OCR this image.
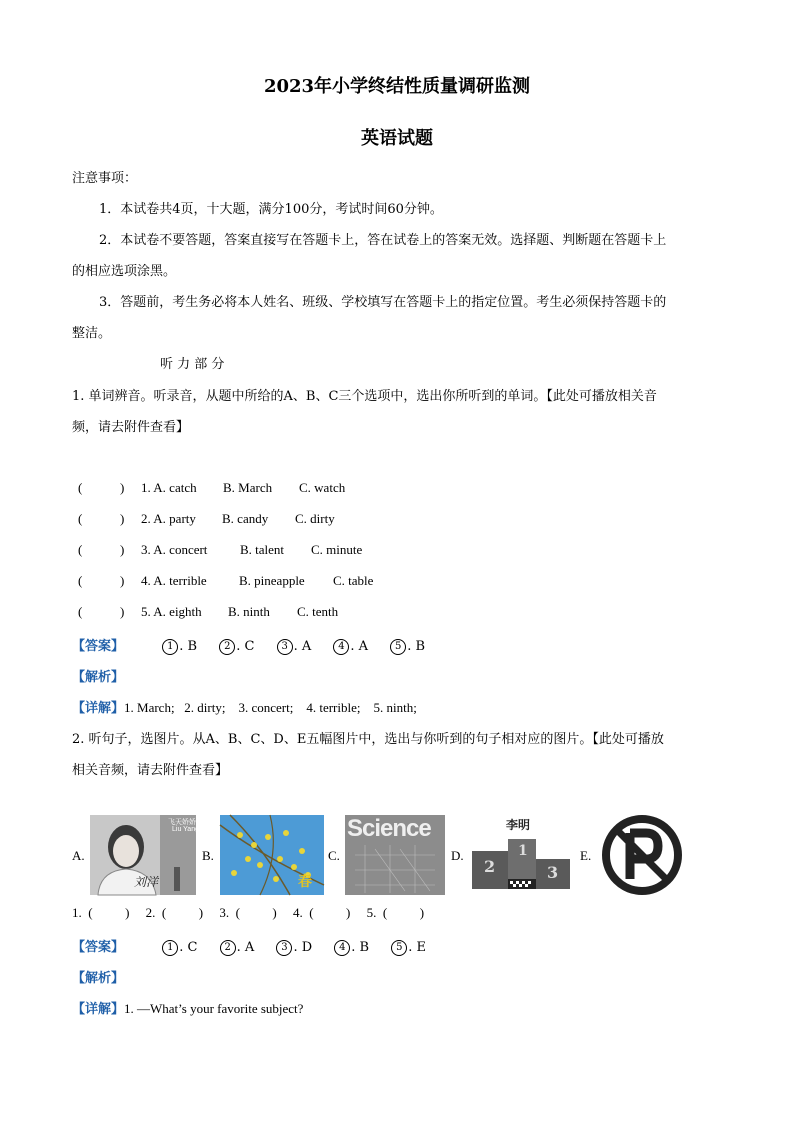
2023年小学终结性质量调研监测
英语试题
注意事项：
1．本试卷共4页，十大题，满分100分，考试时间60分钟。
2．本试卷不要答题，答案直接写在答题卡上，答在试卷上的答案无效。选择题、判断题在答题卡上
的相应选项涂黑。
3．答题前，考生务必将本人姓名、班级、学校填写在答题卡上的指定位置。考生必须保持答题卡的
整洁。
听 力 部 分
1. 单词辨音。听录音，从题中所给的A、B、C三个选项中，选出你所听到的单词。【此处可播放相关音
频，请去附件查看】
(	) 1. A. catch B. March C. watch
(	) 2. A. party B. candy C. dirty
(	) 3. A. concert	B. talent C. minute
(	) 4. A. terrible B. pineapple C. table
(	) 5. A. eighth B. ninth C. tenth
【答案】	1 . B	2 . C	3 . A	4 . A	5 . B
【解析】
【详解】1. March;   2. dirty;    3. concert;    4. terrible;    5. ninth;
2. 听句子，选图片。从A、B、C、D、E五幅图片中，选出与你听到的句子相对应的图片。【此处可播放
相关音频，请去附件查看】
A.
飞天娇娇
Liu Yang
刘洋
B.
春
C.
Science
D.
李明
1
2	3
E.
1.  (          )     2.  (          )     3.  (          )     4.  (          )     5.  (          )
【答案】	1 . C	2 . A	3 . D	4 . B	5 . E
【解析】
【详解】1. —What’s your favorite subject?
